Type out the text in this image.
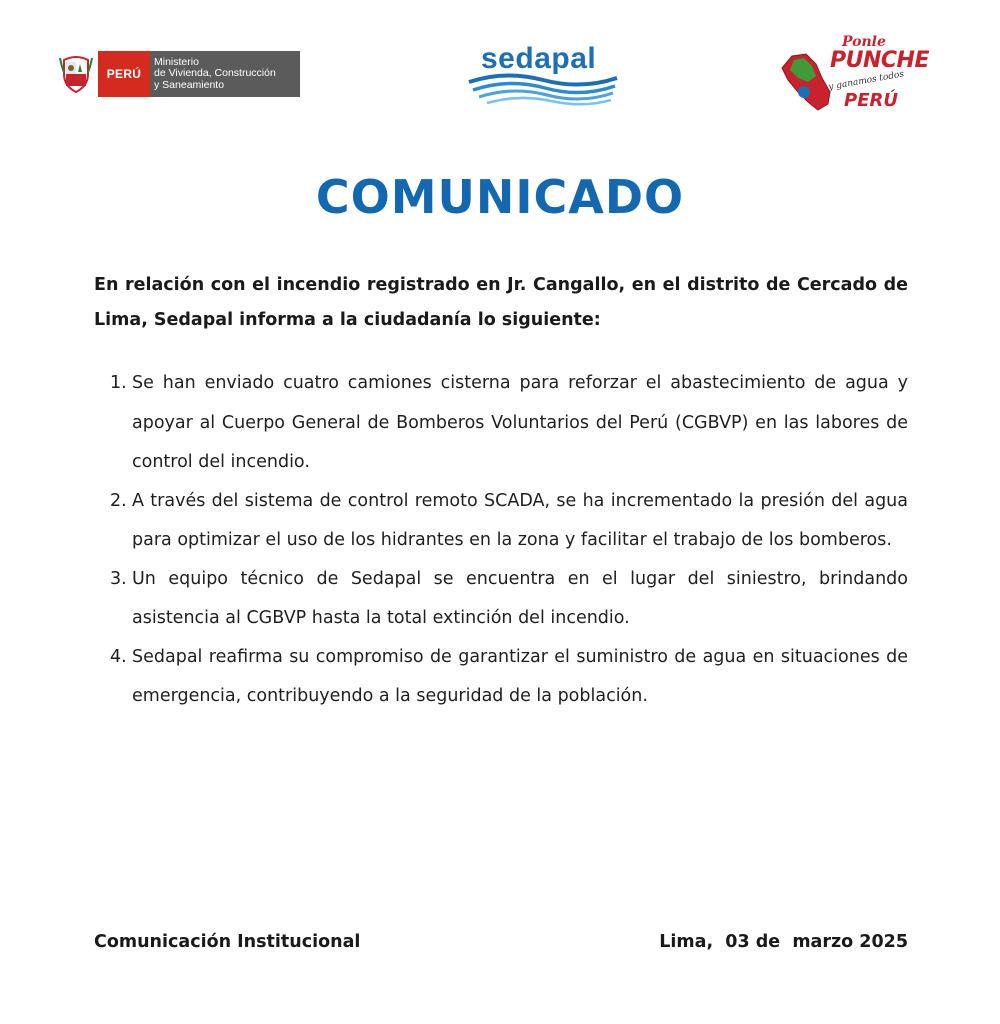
PERÚ
Ministerio
de Vivienda, Construcción
y Saneamiento
sedapal	Ponle
PUNCHE
y ganamos todos
PERÚ
COMUNICADO
En relación con el incendio registrado en Jr. Cangallo, en el distrito de Cercado de Lima, Sedapal informa a la ciudadanía lo siguiente:
1. Se han enviado cuatro camiones cisterna para reforzar el abastecimiento de agua y apoyar al Cuerpo General de Bomberos Voluntarios del Perú (CGBVP) en las labores de control del incendio.
2. A través del sistema de control remoto SCADA, se ha incrementado la presión del agua para optimizar el uso de los hidrantes en la zona y facilitar el trabajo de los bomberos.
3. Un equipo técnico de Sedapal se encuentra en el lugar del siniestro, brindando asistencia al CGBVP hasta la total extinción del incendio.
4. Sedapal reafirma su compromiso de garantizar el suministro de agua en situaciones de emergencia, contribuyendo a la seguridad de la población.
Comunicación Institucional	Lima,  03 de  marzo 2025
